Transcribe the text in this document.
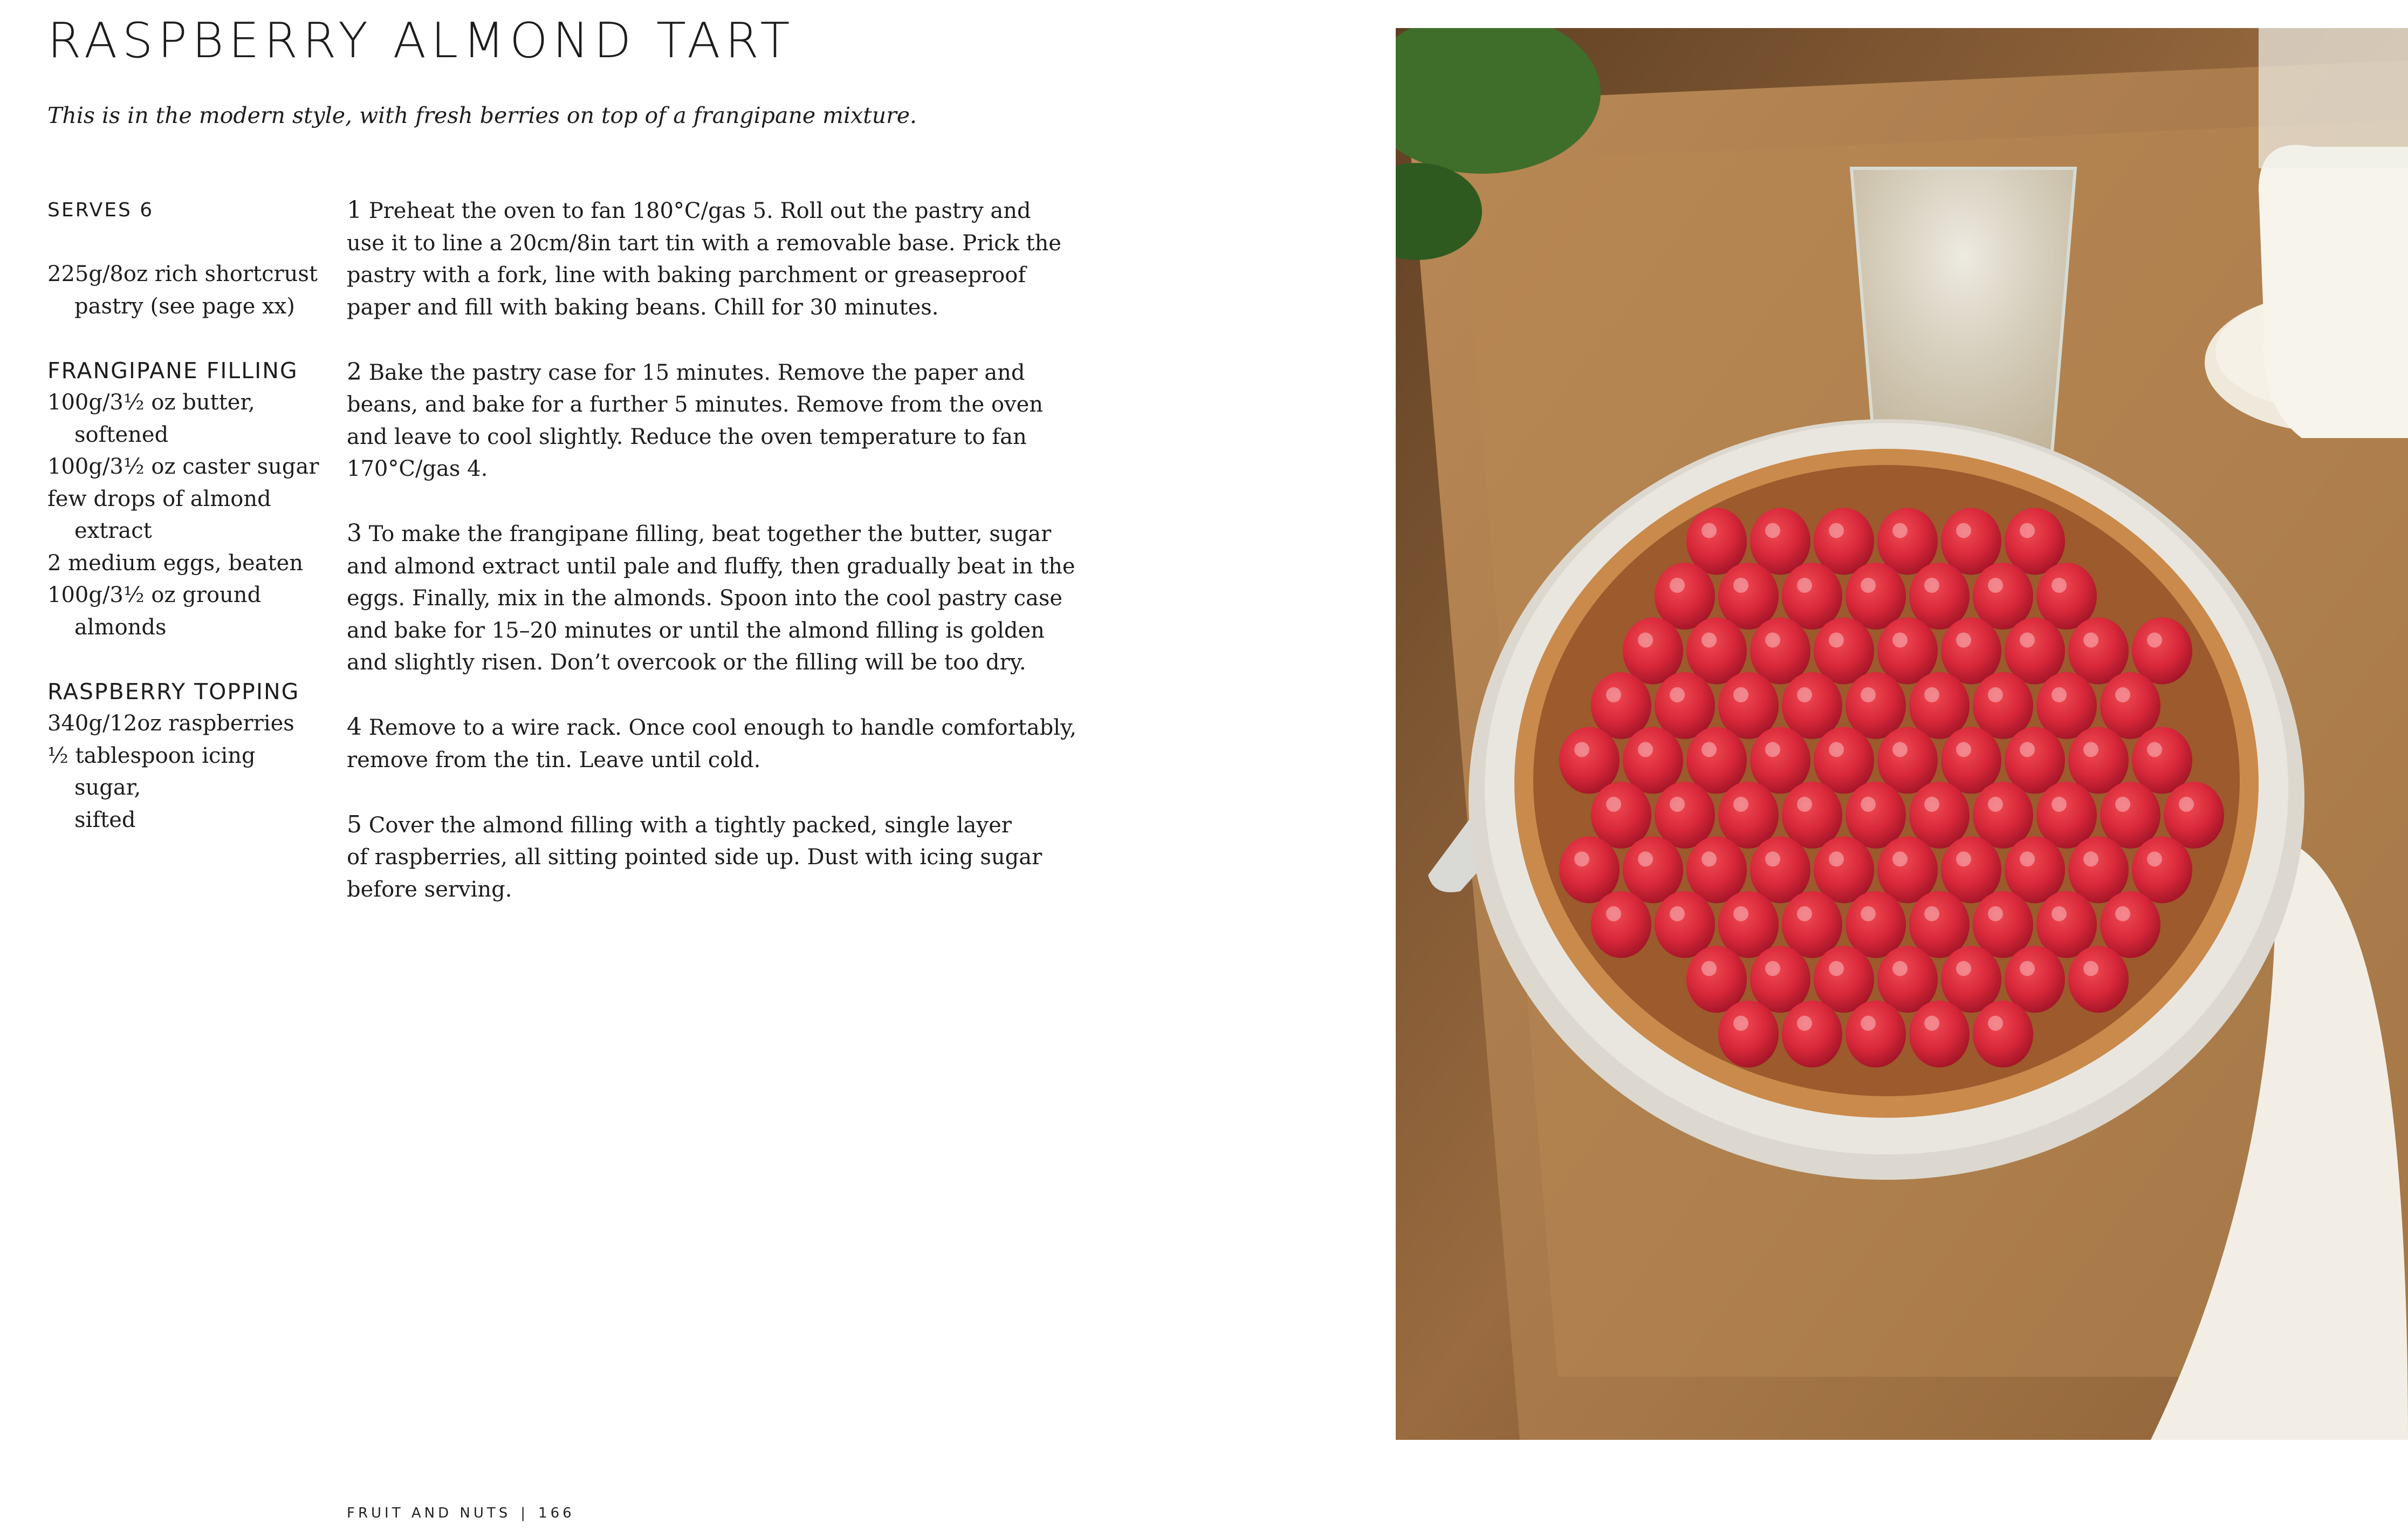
RASPBERRY ALMOND TART

This is in the modern style, with fresh berries on top of a frangipane mixture.

SERVES 6

225g/8oz rich shortcrust
pastry (see page xx)

FRANGIPANE FILLING

100g/3½ oz butter,
softened
100g/3½ oz caster sugar
few drops of almond
extract
2 medium eggs, beaten
100g/3½ oz ground
almonds

RASPBERRY TOPPING

340g/12oz raspberries
½ tablespoon icing sugar,
sifted

1 Preheat the oven to fan 180°C/gas 5. Roll out the pastry and
use it to line a 20cm/8in tart tin with a removable base. Prick the
pastry with a fork, line with baking parchment or greaseproof
paper and fill with baking beans. Chill for 30 minutes.

2 Bake the pastry case for 15 minutes. Remove the paper and
beans, and bake for a further 5 minutes. Remove from the oven
and leave to cool slightly. Reduce the oven temperature to fan
170°C/gas 4.

3 To make the frangipane filling, beat together the butter, sugar
and almond extract until pale and fluffy, then gradually beat in the
eggs. Finally, mix in the almonds. Spoon into the cool pastry case
and bake for 15–20 minutes or until the almond filling is golden
and slightly risen. Don’t overcook or the filling will be too dry.

4 Remove to a wire rack. Once cool enough to handle comfortably,
remove from the tin. Leave until cold.

5 Cover the almond filling with a tightly packed, single layer
of raspberries, all sitting pointed side up. Dust with icing sugar
before serving.

FRUIT AND NUTS | 166
